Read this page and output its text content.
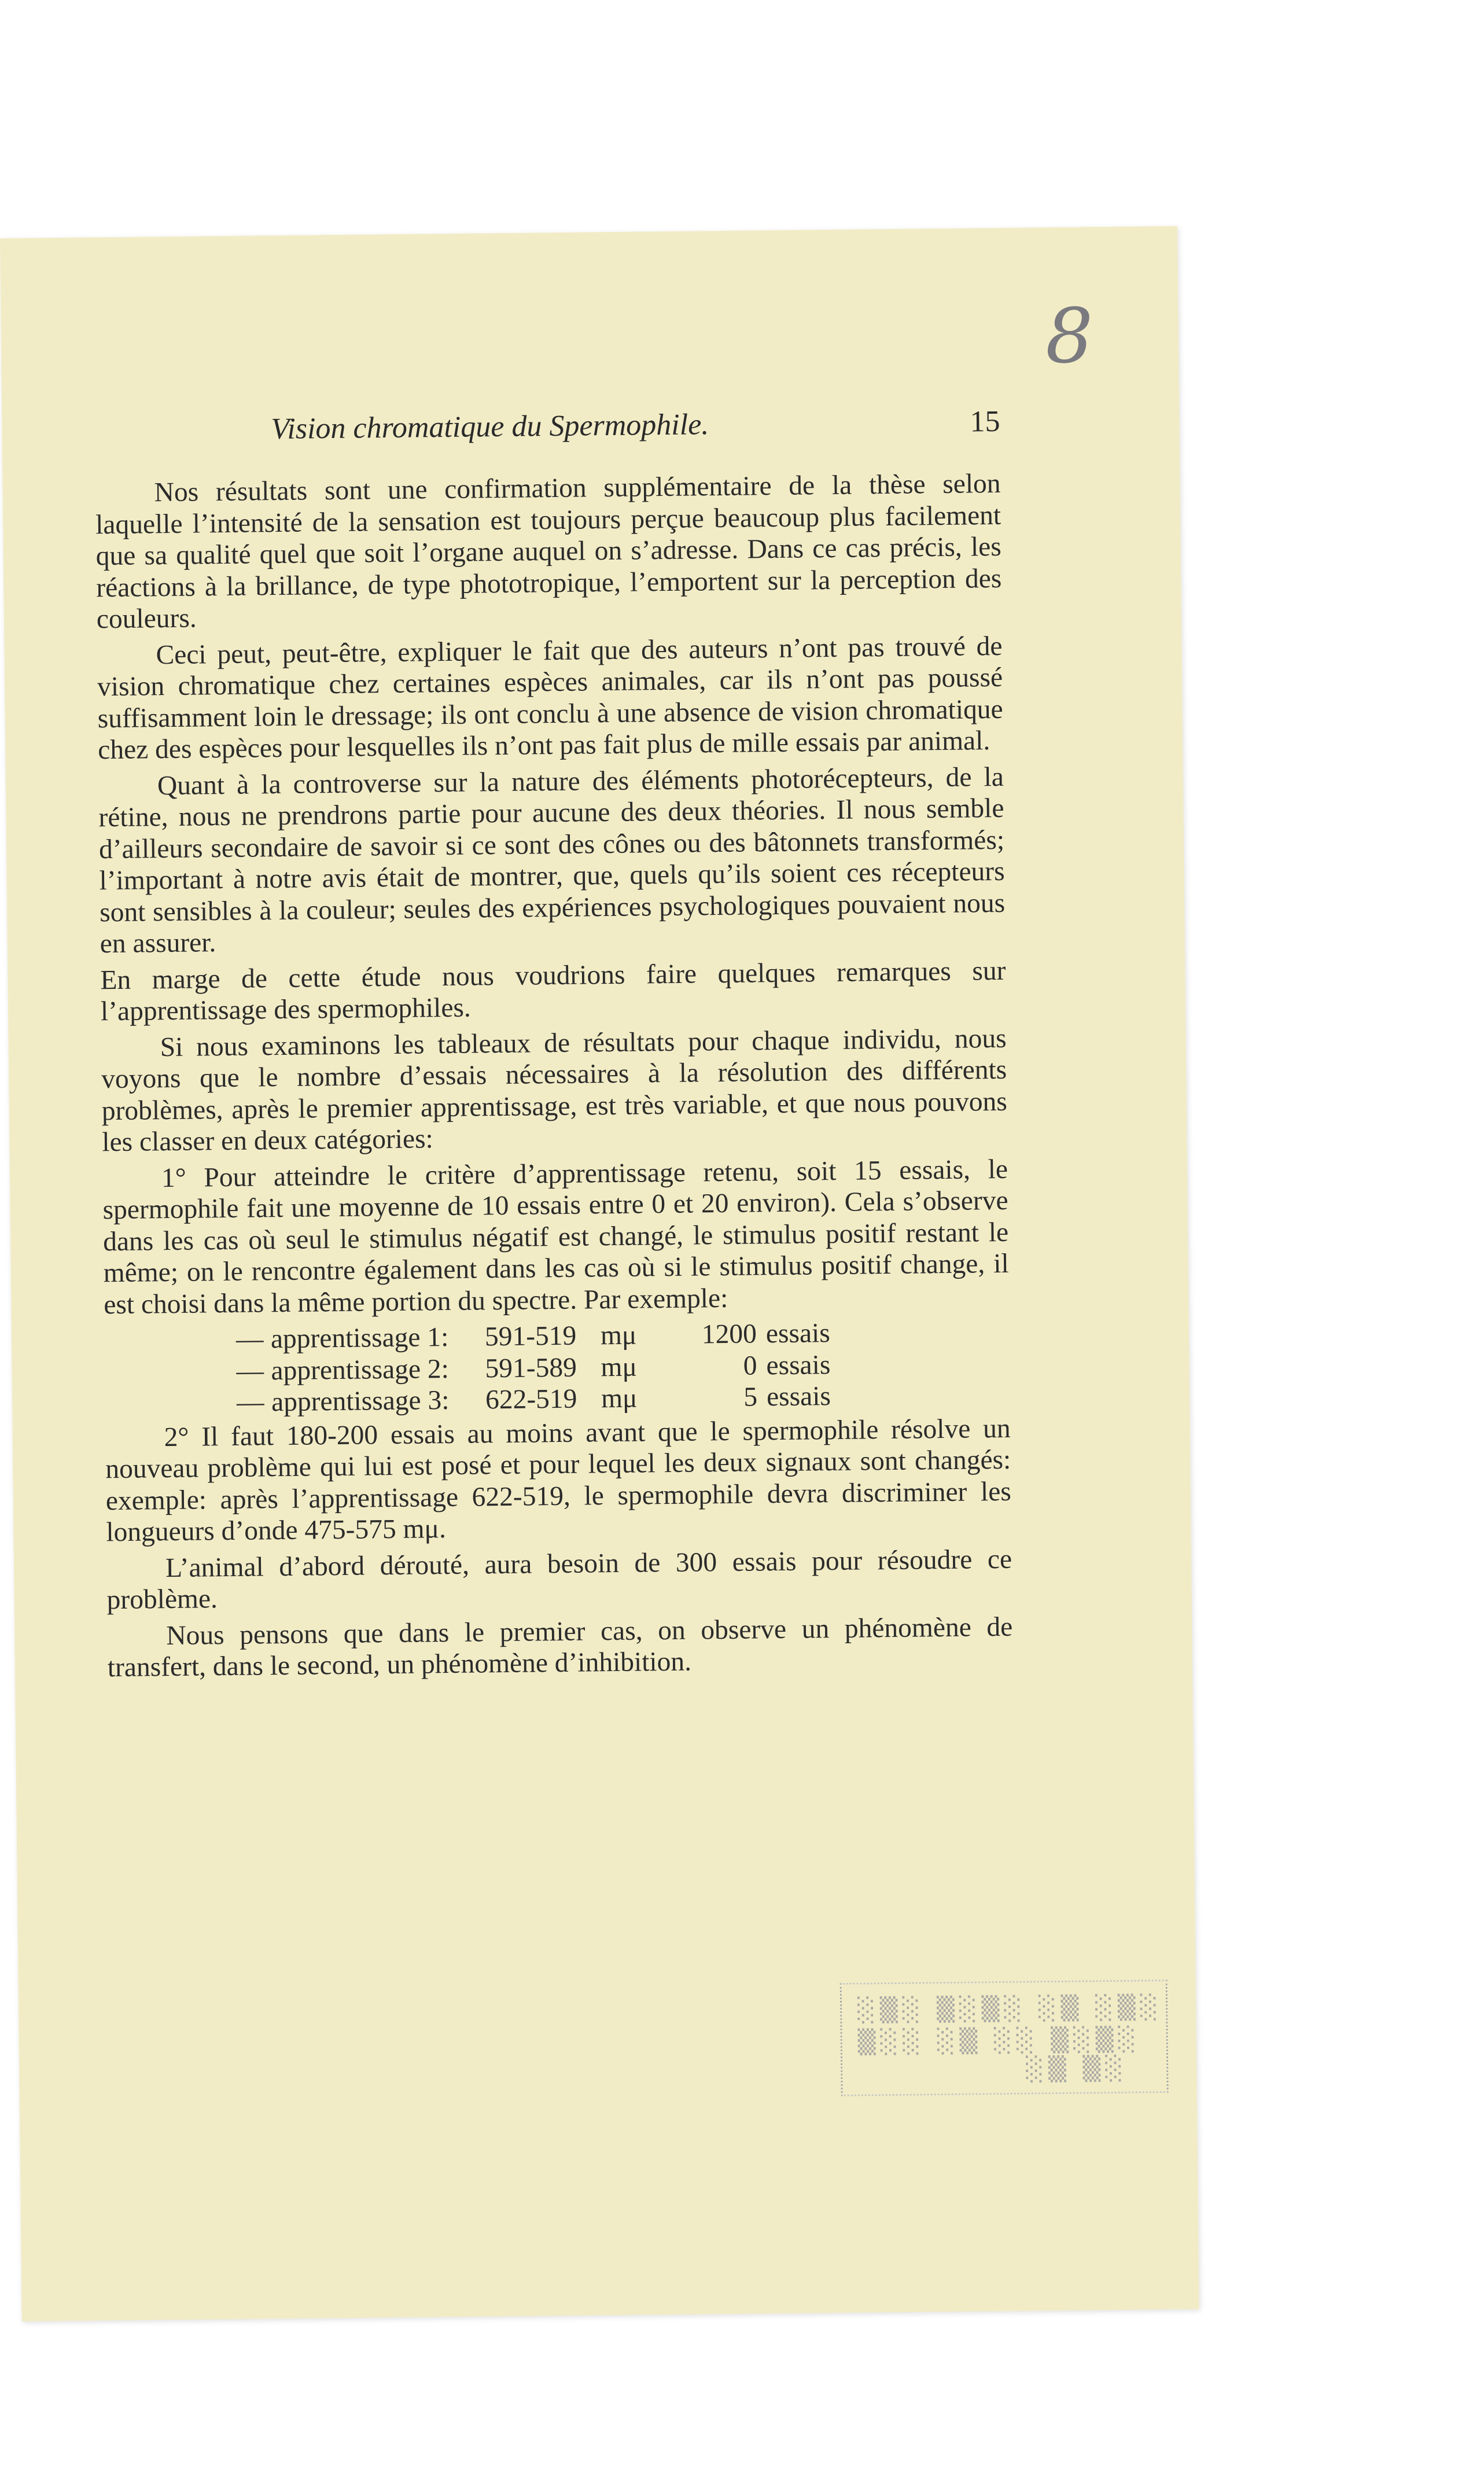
8
Vision chromatique du Spermophile.	15

Nos résultats sont une confirmation supplémentaire de la thèse selon laquelle l’intensité de la sensation est toujours perçue beaucoup plus facilement que sa qualité quel que soit l’organe auquel on s’adresse. Dans ce cas précis, les réactions à la brillance, de type phototropique, l’emportent sur la perception des couleurs.

Ceci peut, peut-être, expliquer le fait que des auteurs n’ont pas trouvé de vision chromatique chez certaines espèces animales, car ils n’ont pas poussé suffisamment loin le dressage; ils ont conclu à une absence de vision chromatique chez des espèces pour lesquelles ils n’ont pas fait plus de mille essais par animal.

Quant à la controverse sur la nature des éléments photorécepteurs, de la rétine, nous ne prendrons partie pour aucune des deux théories. Il nous semble d’ailleurs secondaire de savoir si ce sont des cônes ou des bâtonnets transformés; l’important à notre avis était de montrer, que, quels qu’ils soient ces récepteurs sont sensibles à la couleur; seules des expériences psychologiques pouvaient nous en assurer.

En marge de cette étude nous voudrions faire quelques remarques sur l’apprentissage des spermophiles.

Si nous examinons les tableaux de résultats pour chaque individu, nous voyons que le nombre d’essais nécessaires à la résolution des différents problèmes, après le premier apprentissage, est très variable, et que nous pouvons les classer en deux catégories:

1° Pour atteindre le critère d’apprentissage retenu, soit 15 essais, le spermophile fait une moyenne de 10 essais entre 0 et 20 environ). Cela s’observe dans les cas où seul le stimulus négatif est changé, le stimulus positif restant le même; on le rencontre également dans les cas où si le stimulus positif change, il est choisi dans la même portion du spectre. Par exemple:

— apprentissage 1:	591-519 mμ	1200 essais
— apprentissage 2:	591-589 mμ	0 essais
— apprentissage 3:	622-519 mμ	5 essais

2° Il faut 180-200 essais au moins avant que le spermophile résolve un nouveau problème qui lui est posé et pour lequel les deux signaux sont changés: exemple: après l’apprentissage 622-519, le spermophile devra discriminer les longueurs d’onde 475-575 mμ.

L’animal d’abord dérouté, aura besoin de 300 essais pour résoudre ce problème.

Nous pensons que dans le premier cas, on observe un phénomène de transfert, dans le second, un phénomène d’inhibition.

░▒░ ▒░▒░ ░▒ ░▒░
▒░░ ░▒ ░░ ▒░▒░
░▒ ▒░
